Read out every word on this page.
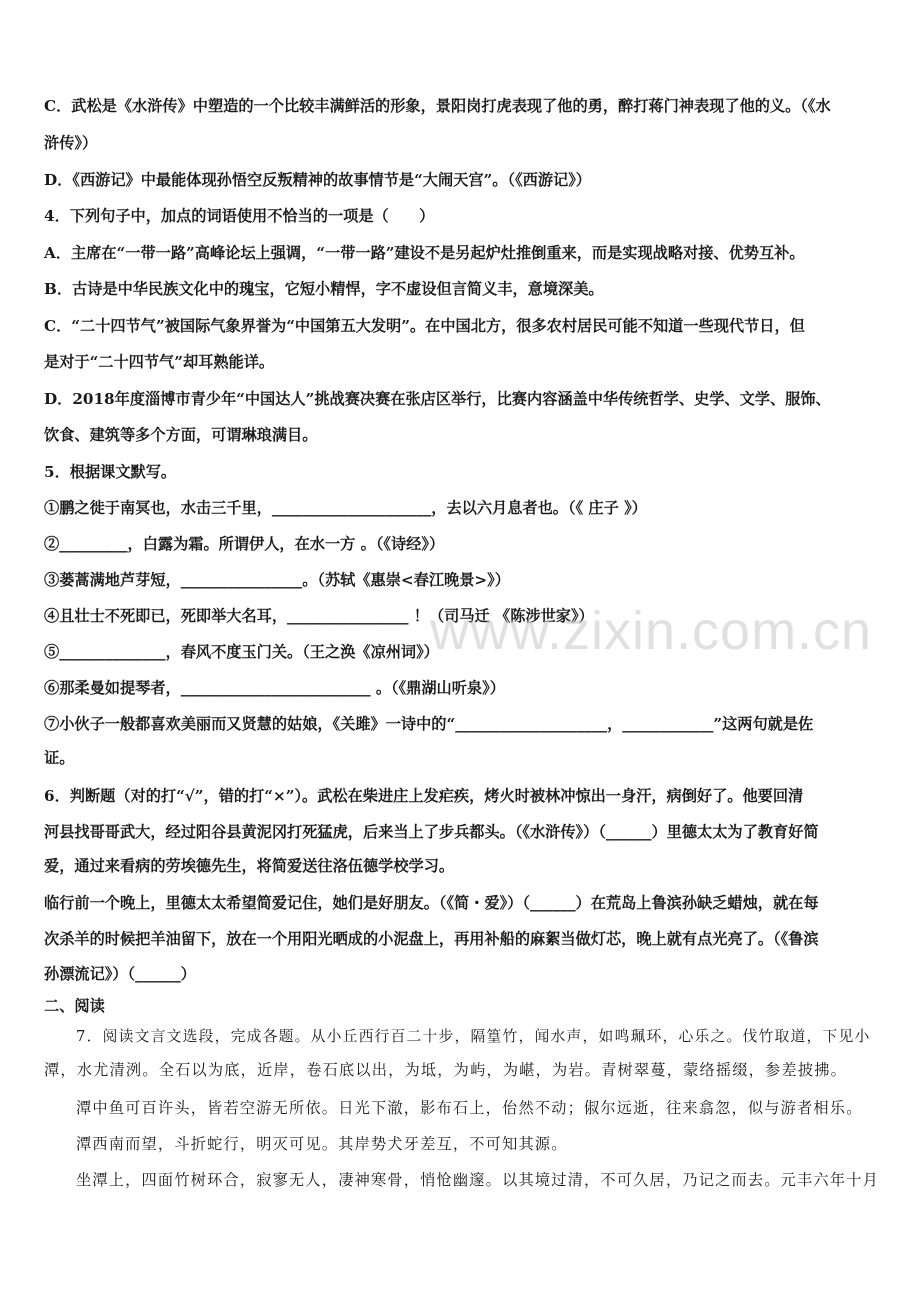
C．武松是《水浒传》中塑造的一个比较丰满鲜活的形象，景阳岗打虎表现了他的勇，醉打蒋门神表现了他的义。（《水
浒传》）
D．《西游记》中最能体现孙悟空反叛精神的故事情节是“大闹天宫”。（《西游记》）
4．下列句子中，加点的词语使用不恰当的一项是（　　）
A．主席在“一带一路”高峰论坛上强调，“一带一路”建设不是另起炉灶推倒重来，而是实现战略对接、优势互补。
B．古诗是中华民族文化中的瑰宝，它短小精悍，字不虚设但言简义丰，意境深美。
C．“二十四节气”被国际气象界誉为“中国第五大发明”。在中国北方，很多农村居民可能不知道一些现代节日，但
是对于“二十四节气”却耳熟能详。
D．2018年度淄博市青少年“中国达人”挑战赛决赛在张店区举行，比赛内容涵盖中华传统哲学、史学、文学、服饰、
饮食、建筑等多个方面，可谓琳琅满目。
5．根据课文默写。
①鹏之徙于南冥也，水击三千里，_____________________，去以六月息者也。（《 庄子 》）
②_________，白露为霜。所谓伊人，在水一方 。（《诗经》）
③蒌蒿满地芦芽短，________________。（苏轼《惠崇<春江晚景>》）
④且壮士不死即已，死即举大名耳，________________ ！（司马迁 《陈涉世家》）
⑤______________，春风不度玉门关。（王之涣《凉州词》）
⑥那柔曼如提琴者，_________________________ 。（《鼎湖山听泉》）
⑦小伙子一般都喜欢美丽而又贤慧的姑娘，《关雎》一诗中的“____________________，____________”这两句就是佐
证。
6．判断题（对的打“√”，错的打“×”）。武松在柴进庄上发疟疾，烤火时被林冲惊出一身汗，病倒好了。他要回清
河县找哥哥武大，经过阳谷县黄泥冈打死猛虎，后来当上了步兵都头。（《水浒传》）（______）里德太太为了教育好简
爱，通过来看病的劳埃德先生，将简爱送往洛伍德学校学习。
临行前一个晚上，里德太太希望简爱记住，她们是好朋友。（《简・爱》）（______）在荒岛上鲁滨孙缺乏蜡烛，就在每
次杀羊的时候把羊油留下，放在一个用阳光晒成的小泥盘上，再用补船的麻絮当做灯芯，晚上就有点光亮了。（《鲁滨
孙漂流记》）（______）
二、阅读
7．阅读文言文选段，完成各题。从小丘西行百二十步，隔篁竹，闻水声，如鸣珮环，心乐之。伐竹取道，下见小
潭，水尤清洌。全石以为底，近岸，卷石底以出，为坻，为屿，为嵁，为岩。青树翠蔓，蒙络摇缀，参差披拂。
潭中鱼可百许头，皆若空游无所依。日光下澈，影布石上，佁然不动；俶尔远逝，往来翕忽，似与游者相乐。
潭西南而望，斗折蛇行，明灭可见。其岸势犬牙差互，不可知其源。
坐潭上，四面竹树环合，寂寥无人，凄神寒骨，悄怆幽邃。以其境过清，不可久居，乃记之而去。元丰六年十月
www.zixin.com.cn
